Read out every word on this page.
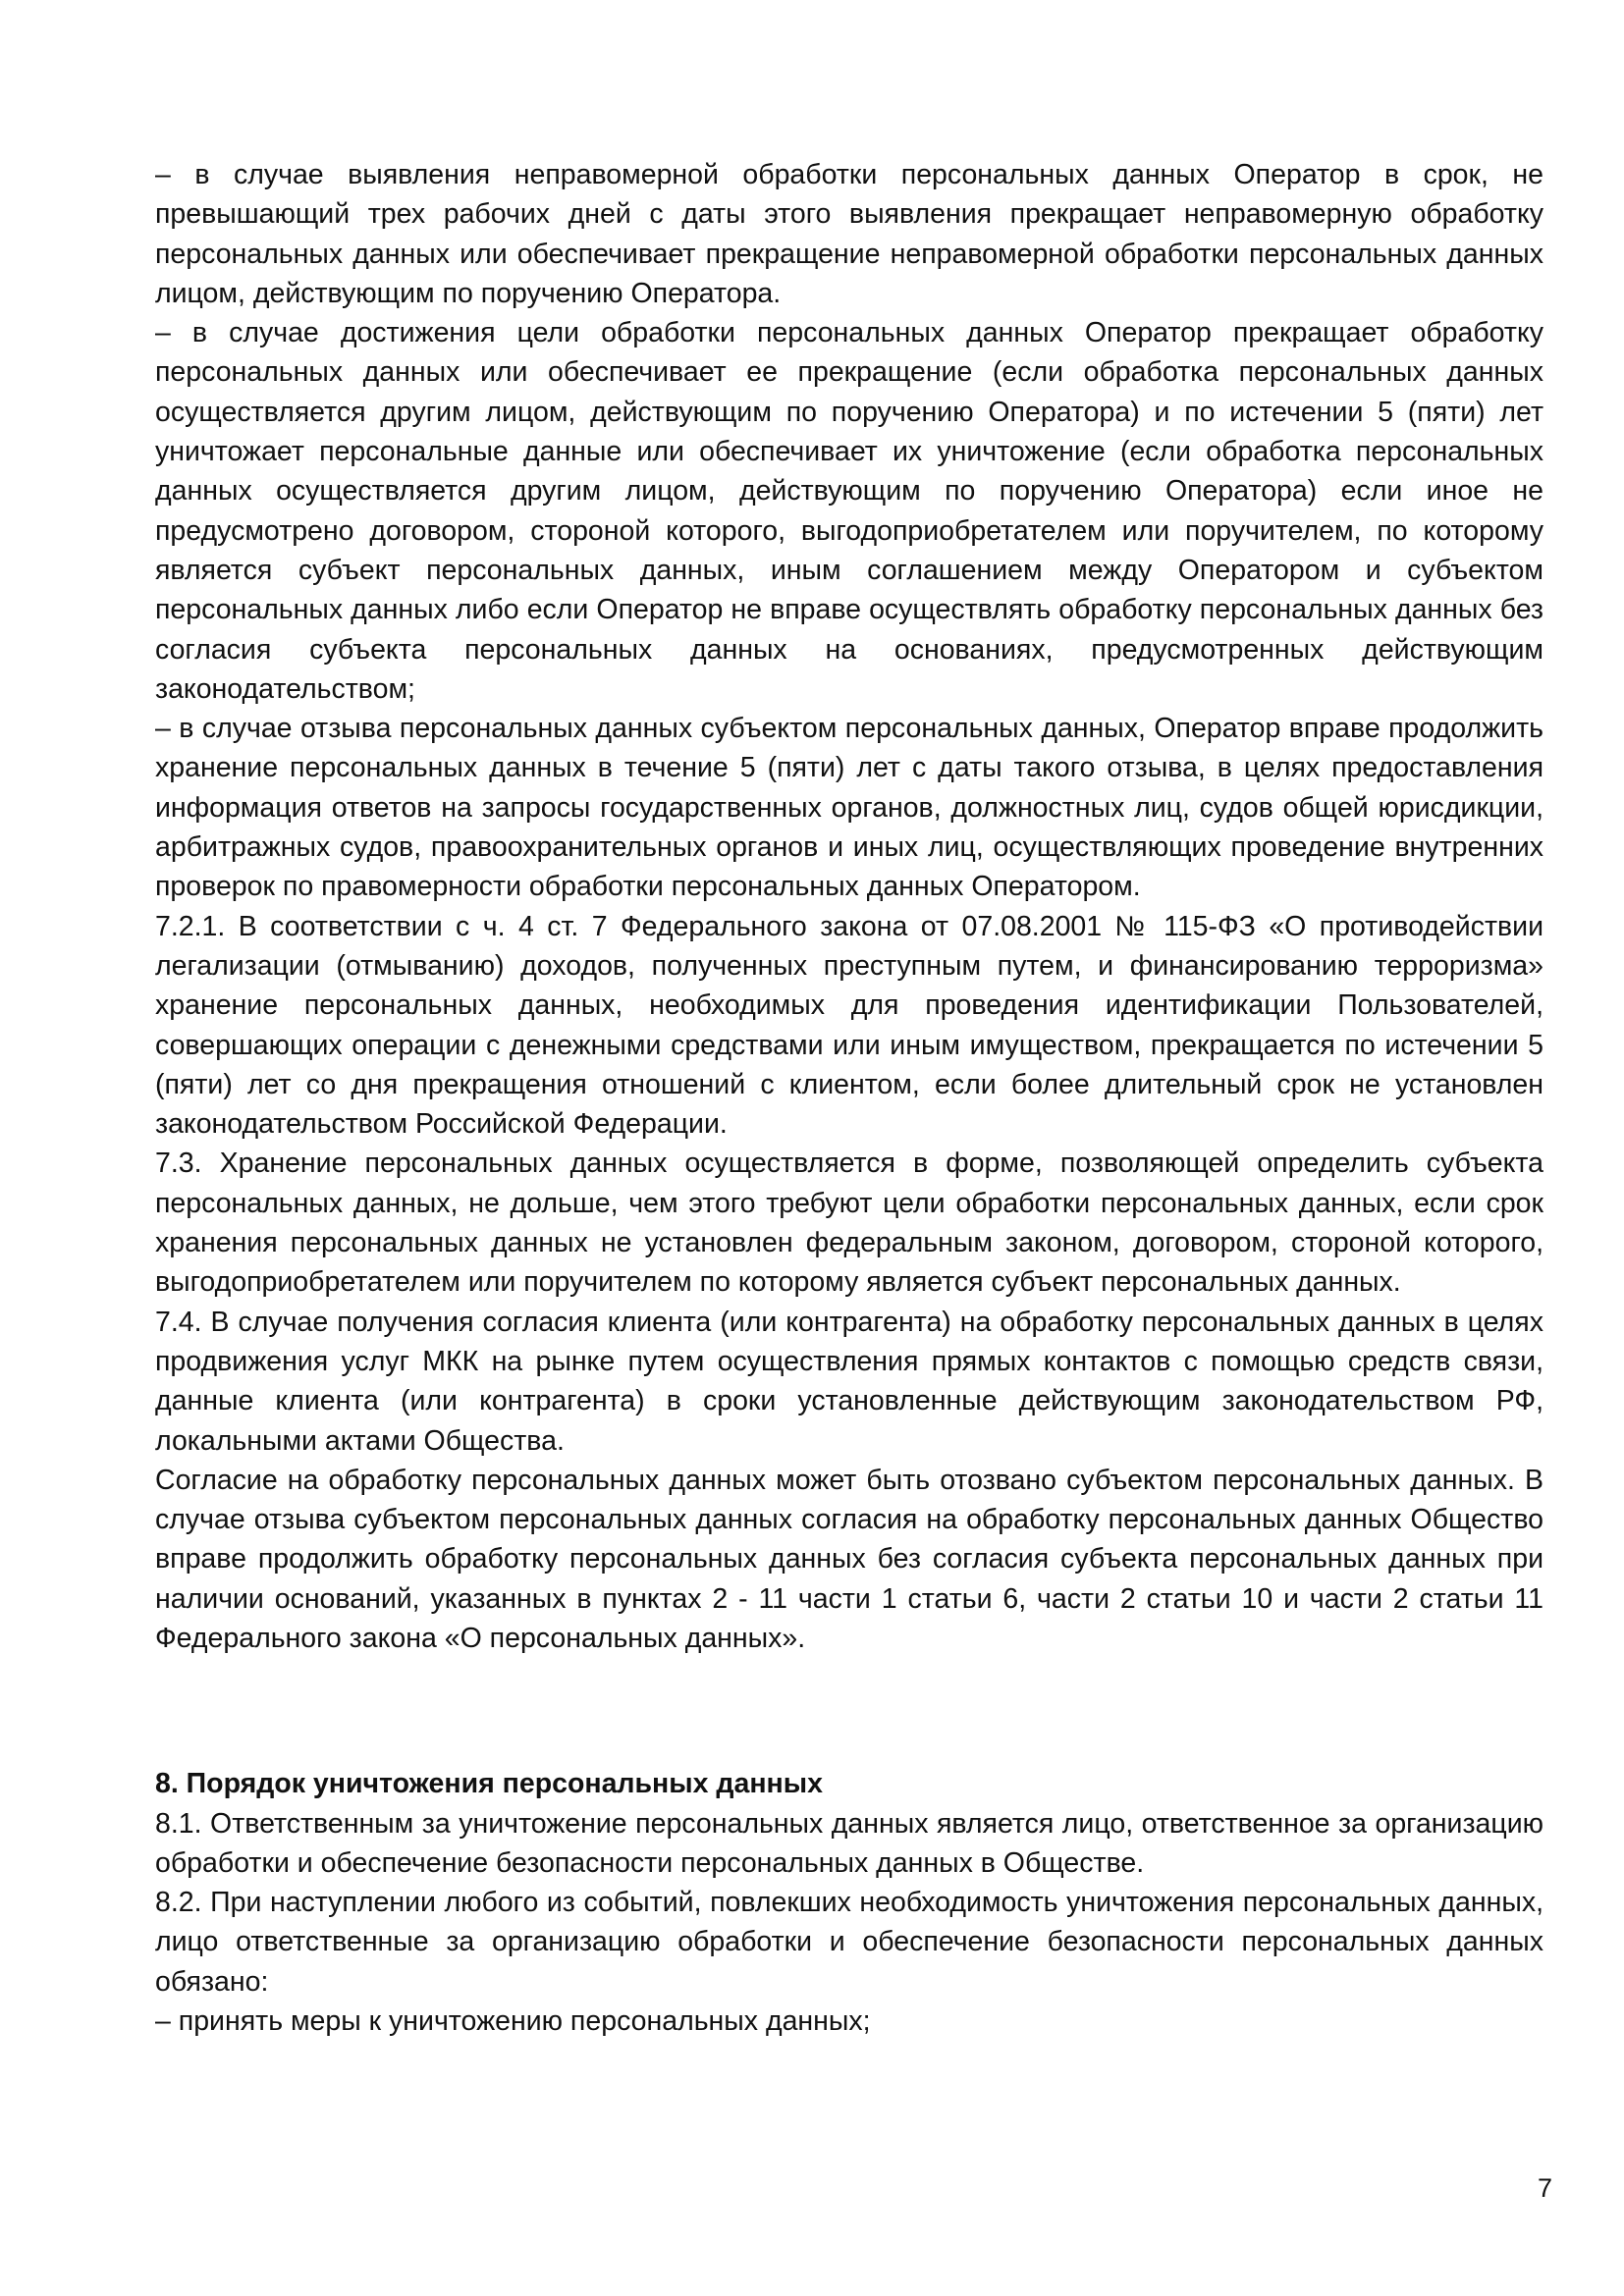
– в случае выявления неправомерной обработки персональных данных Оператор в срок, не превышающий трех рабочих дней с даты этого выявления прекращает неправомерную обработку персональных данных или обеспечивает прекращение неправомерной обработки персональных данных лицом, действующим по поручению Оператора.

– в случае достижения цели обработки персональных данных Оператор прекращает обработку персональных данных или обеспечивает ее прекращение (если обработка персональных данных осуществляется другим лицом, действующим по поручению Оператора) и по истечении 5 (пяти) лет уничтожает персональные данные или обеспечивает их уничтожение (если обработка персональных данных осуществляется другим лицом, действующим по поручению Оператора) если иное не предусмотрено договором, стороной которого, выгодоприобретателем или поручителем, по которому является субъект персональных данных, иным соглашением между Оператором и субъектом персональных данных либо если Оператор не вправе осуществлять обработку персональных данных без согласия субъекта персональных данных на основаниях, предусмотренных действующим законодательством;

– в случае отзыва персональных данных субъектом персональных данных, Оператор вправе продолжить хранение персональных данных в течение 5 (пяти) лет с даты такого отзыва, в целях предоставления информация ответов на запросы государственных органов, должностных лиц, судов общей юрисдикции, арбитражных судов, правоохранительных органов и иных лиц, осуществляющих проведение внутренних проверок по правомерности обработки персональных данных Оператором.

7.2.1. В соответствии с ч. 4 ст. 7 Федерального закона от 07.08.2001 № 115-ФЗ «О противодействии легализации (отмыванию) доходов, полученных преступным путем, и финансированию терроризма» хранение персональных данных, необходимых для проведения идентификации Пользователей, совершающих операции с денежными средствами или иным имуществом, прекращается по истечении 5 (пяти) лет со дня прекращения отношений с клиентом, если более длительный срок не установлен законодательством Российской Федерации.

7.3. Хранение персональных данных осуществляется в форме, позволяющей определить субъекта персональных данных, не дольше, чем этого требуют цели обработки персональных данных, если срок хранения персональных данных не установлен федеральным законом, договором, стороной которого, выгодоприобретателем или поручителем по которому является субъект персональных данных.

7.4. В случае получения согласия клиента (или контрагента) на обработку персональных данных в целях продвижения услуг МКК на рынке путем осуществления прямых контактов с помощью средств связи, данные клиента (или контрагента) в сроки установленные действующим законодательством РФ, локальными актами Общества.

Согласие на обработку персональных данных может быть отозвано субъектом персональных данных. В случае отзыва субъектом персональных данных согласия на обработку персональных данных Общество вправе продолжить обработку персональных данных без согласия субъекта персональных данных при наличии оснований, указанных в пунктах 2 - 11 части 1 статьи 6, части 2 статьи 10 и части 2 статьи 11 Федерального закона «О персональных данных».

8. Порядок уничтожения персональных данных

8.1. Ответственным за уничтожение персональных данных является лицо, ответственное за организацию обработки и обеспечение безопасности персональных данных в Обществе.

8.2. При наступлении любого из событий, повлекших необходимость уничтожения персональных данных, лицо ответственные за организацию обработки и обеспечение безопасности персональных данных обязано:

– принять меры к уничтожению персональных данных;

7
